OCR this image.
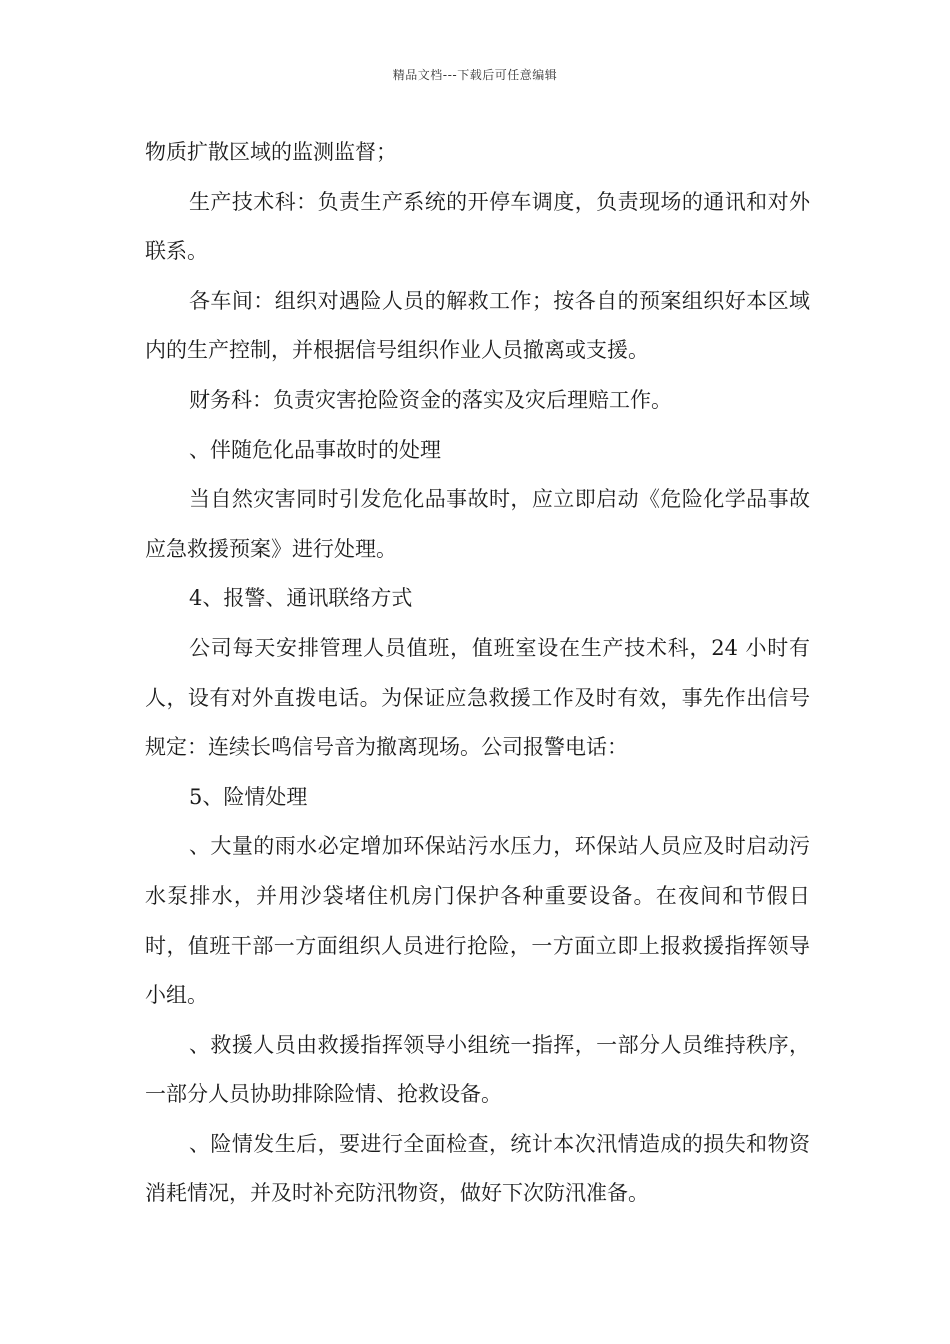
精品文档---下载后可任意编辑

物质扩散区域的监测监督；

生产技术科：负责生产系统的开停车调度，负责现场的通讯和对外联系。

各车间：组织对遇险人员的解救工作；按各自的预案组织好本区域内的生产控制，并根据信号组织作业人员撤离或支援。

财务科：负责灾害抢险资金的落实及灾后理赔工作。

、伴随危化品事故时的处理

当自然灾害同时引发危化品事故时，应立即启动《危险化学品事故应急救援预案》进行处理。

4、报警、通讯联络方式

公司每天安排管理人员值班，值班室设在生产技术科，24 小时有人，设有对外直拨电话。为保证应急救援工作及时有效，事先作出信号规定：连续长鸣信号音为撤离现场。公司报警电话：

5、险情处理

、大量的雨水必定增加环保站污水压力，环保站人员应及时启动污水泵排水，并用沙袋堵住机房门保护各种重要设备。在夜间和节假日时，值班干部一方面组织人员进行抢险，一方面立即上报救援指挥领导小组。

、救援人员由救援指挥领导小组统一指挥，一部分人员维持秩序，一部分人员协助排除险情、抢救设备。

、险情发生后，要进行全面检查，统计本次汛情造成的损失和物资消耗情况，并及时补充防汛物资，做好下次防汛准备。
